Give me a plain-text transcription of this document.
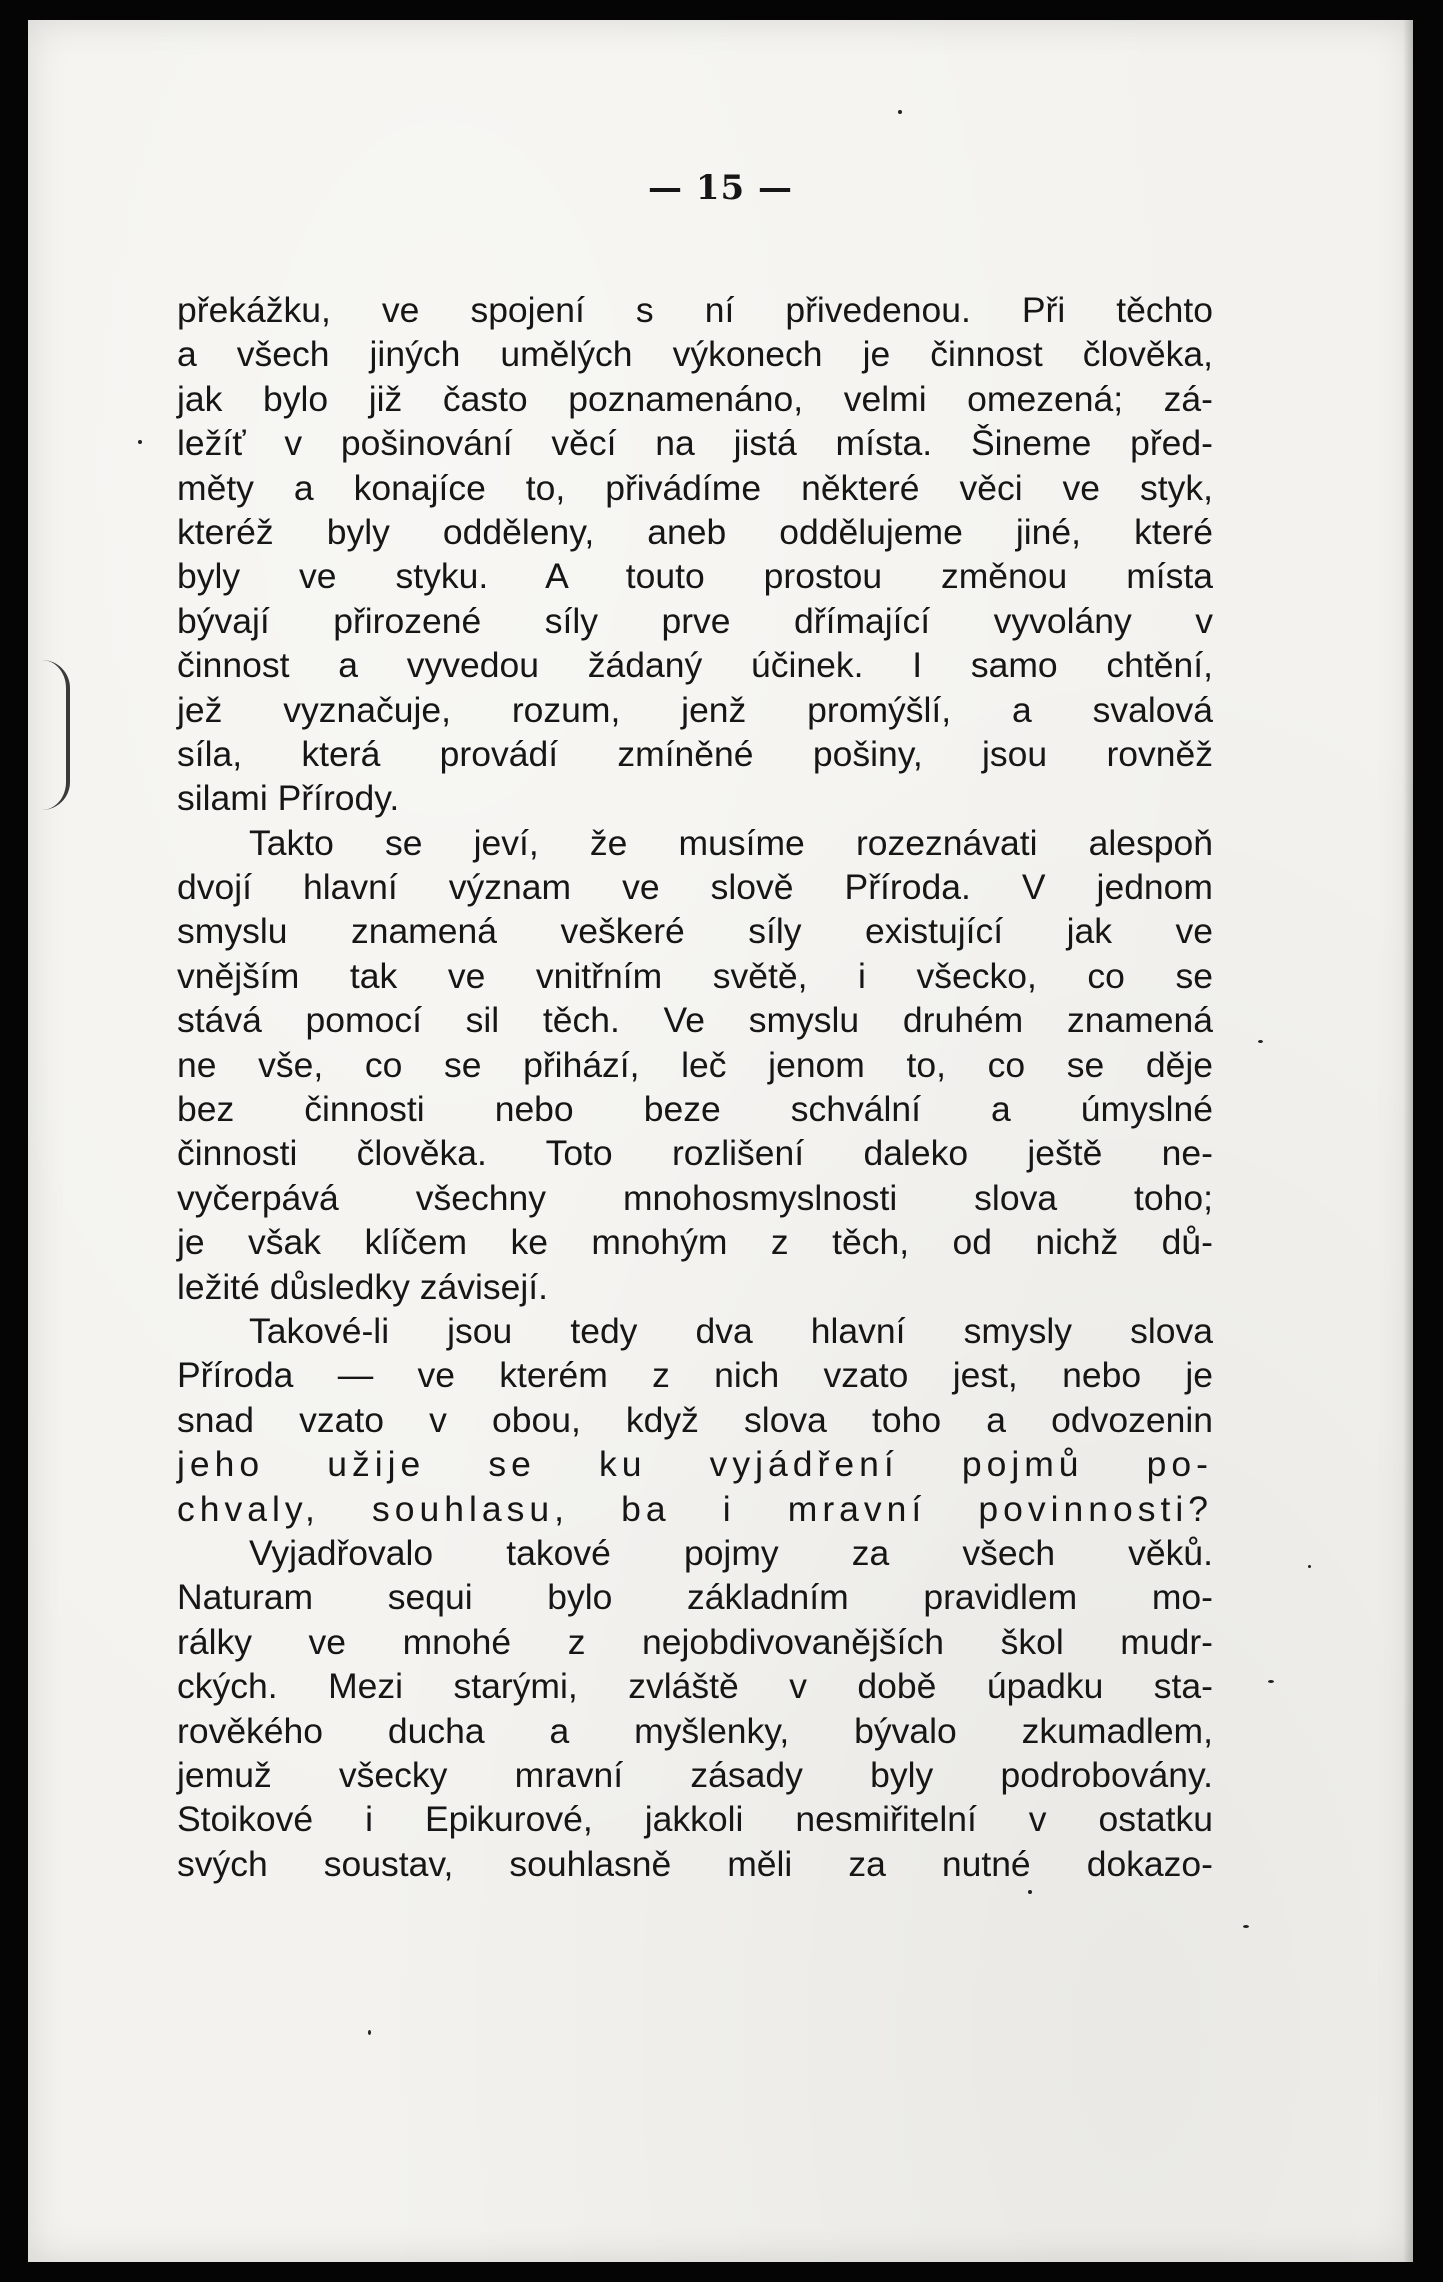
— 15 —
překážku, ve spojení s ní přivedenou. Při těchto
a všech jiných umělých výkonech je činnost člověka,
jak bylo již často poznamenáno, velmi omezená; zá-
ležíť v pošinování věcí na jistá místa. Šineme před-
měty a konajíce to, přivádíme některé věci ve styk,
kteréž byly odděleny, aneb oddělujeme jiné, které
byly ve styku. A touto prostou změnou místa
bývají přirozené síly prve dřímající vyvolány v
činnost a vyvedou žádaný účinek. I samo chtění,
jež vyznačuje, rozum, jenž promýšlí, a svalová
síla, která provádí zmíněné pošiny, jsou rovněž
silami Přírody.
Takto se jeví, že musíme rozeznávati alespoň
dvojí hlavní význam ve slově Příroda. V jednom
smyslu znamená veškeré síly existující jak ve
vnějším tak ve vnitřním světě, i všecko, co se
stává pomocí sil těch. Ve smyslu druhém znamená
ne vše, co se přihází, leč jenom to, co se děje
bez činnosti nebo beze schvální a úmyslné
činnosti člověka. Toto rozlišení daleko ještě ne-
vyčerpává všechny mnohosmyslnosti slova toho;
je však klíčem ke mnohým z těch, od nichž dů-
ležité důsledky závisejí.
Takové-li jsou tedy dva hlavní smysly slova
Příroda — ve kterém z nich vzato jest, nebo je
snad vzato v obou, když slova toho a odvozenin
jeho užije se ku vyjádření pojmů po-
chvaly, souhlasu, ba i mravní povinnosti?
Vyjadřovalo takové pojmy za všech věků.
Naturam sequi bylo základním pravidlem mo-
rálky ve mnohé z nejobdivovanějších škol mudr-
ckých. Mezi starými, zvláště v době úpadku sta-
rověkého ducha a myšlenky, bývalo zkumadlem,
jemuž všecky mravní zásady byly podrobovány.
Stoikové i Epikurové, jakkoli nesmiřitelní v ostatku
svých soustav, souhlasně měli za nutné dokazo-
